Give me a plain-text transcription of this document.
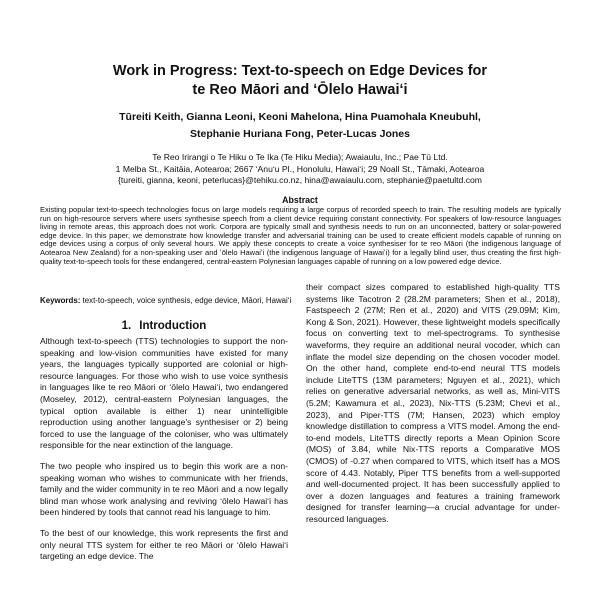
Work in Progress: Text-to-speech on Edge Devices for
te Reo Māori and ʻŌlelo Hawaiʻi
Tūreiti Keith, Gianna Leoni, Keoni Mahelona, Hina Puamohala Kneubuhl,
Stephanie Huriana Fong, Peter-Lucas Jones
Te Reo Irirangi o Te Hiku o Te Ika (Te Hiku Media); Awaiaulu, Inc.; Pae Tū Ltd.
1 Melba St., Kaitāia, Aotearoa; 2667 ʻAnuʻu Pl., Honolulu, Hawaiʻi; 29 Noall St., Tāmaki, Aotearoa
{tureiti, gianna, keoni, peterlucas}@tehiku.co.nz, hina@awaiaulu.com, stephanie@paetultd.com
Abstract

Existing popular text-to-speech technologies focus on large models requiring a large corpus of recorded speech to train. The resulting models are typically run on high-resource servers where users synthesise speech from a client device requiring constant connectivity. For speakers of low-resource languages living in remote areas, this approach does not work. Corpora are typically small and synthesis needs to run on an unconnected, battery or solar-powered edge device. In this paper, we demonstrate how knowledge transfer and adversarial training can be used to create efficient models capable of running on edge devices using a corpus of only several hours. We apply these concepts to create a voice synthesiser for te reo Māori (the indigenous language of Aotearoa New Zealand) for a non-speaking user and ʻōlelo Hawaiʻi (the indigenous language of Hawaiʻi) for a legally blind user, thus creating the first high-quality text-to-speech tools for these endangered, central-eastern Polynesian languages capable of running on a low powered edge device.

Keywords: text-to-speech, voice synthesis, edge device, Māori, Hawaiʻi
1. Introduction

Although text-to-speech (TTS) technologies to support the non-speaking and low-vision communities have existed for many years, the languages typically supported are colonial or high-resource languages. For those who wish to use voice synthesis in languages like te reo Māori or ʻōlelo Hawaiʻi, two endangered (Moseley, 2012), central-eastern Polynesian languages, the typical option available is either 1) near unintelligible reproduction using another language's synthesiser or 2) being forced to use the language of the coloniser, who was ultimately responsible for the near extinction of the language.

The two people who inspired us to begin this work are a non-speaking woman who wishes to communicate with her friends, family and the wider community in te reo Māori and a now legally blind man whose work analysing and reviving ʻōlelo Hawaiʻi has been hindered by tools that cannot read his language to him.

To the best of our knowledge, this work represents the first and only neural TTS system for either te reo Māori or ʻōlelo Hawaiʻi targeting an edge device. The

their compact sizes compared to established high-quality TTS systems like Tacotron 2 (28.2M parameters; Shen et al., 2018), Fastspeech 2 (27M; Ren et al., 2020) and VITS (29.09M; Kim, Kong & Son, 2021). However, these lightweight models specifically focus on converting text to mel-spectrograms. To synthesise waveforms, they require an additional neural vocoder, which can inflate the model size depending on the chosen vocoder model. On the other hand, complete end-to-end neural TTS models include LiteTTS (13M parameters; Nguyen et al., 2021), which relies on generative adversarial networks, as well as, Mini-VITS (5.2M; Kawamura et al., 2023), Nix-TTS (5.23M; Chevi et al., 2023), and Piper-TTS (7M; Hansen, 2023) which employ knowledge distillation to compress a VITS model. Among the end-to-end models, LiteTTS directly reports a Mean Opinion Score (MOS) of 3.84, while Nix-TTS reports a Comparative MOS (CMOS) of -0.27 when compared to VITS, which itself has a MOS score of 4.43. Notably, Piper TTS benefits from a well-supported and well-documented project. It has been successfully applied to over a dozen languages and features a training framework designed for transfer learning—a crucial advantage for under-resourced languages.
